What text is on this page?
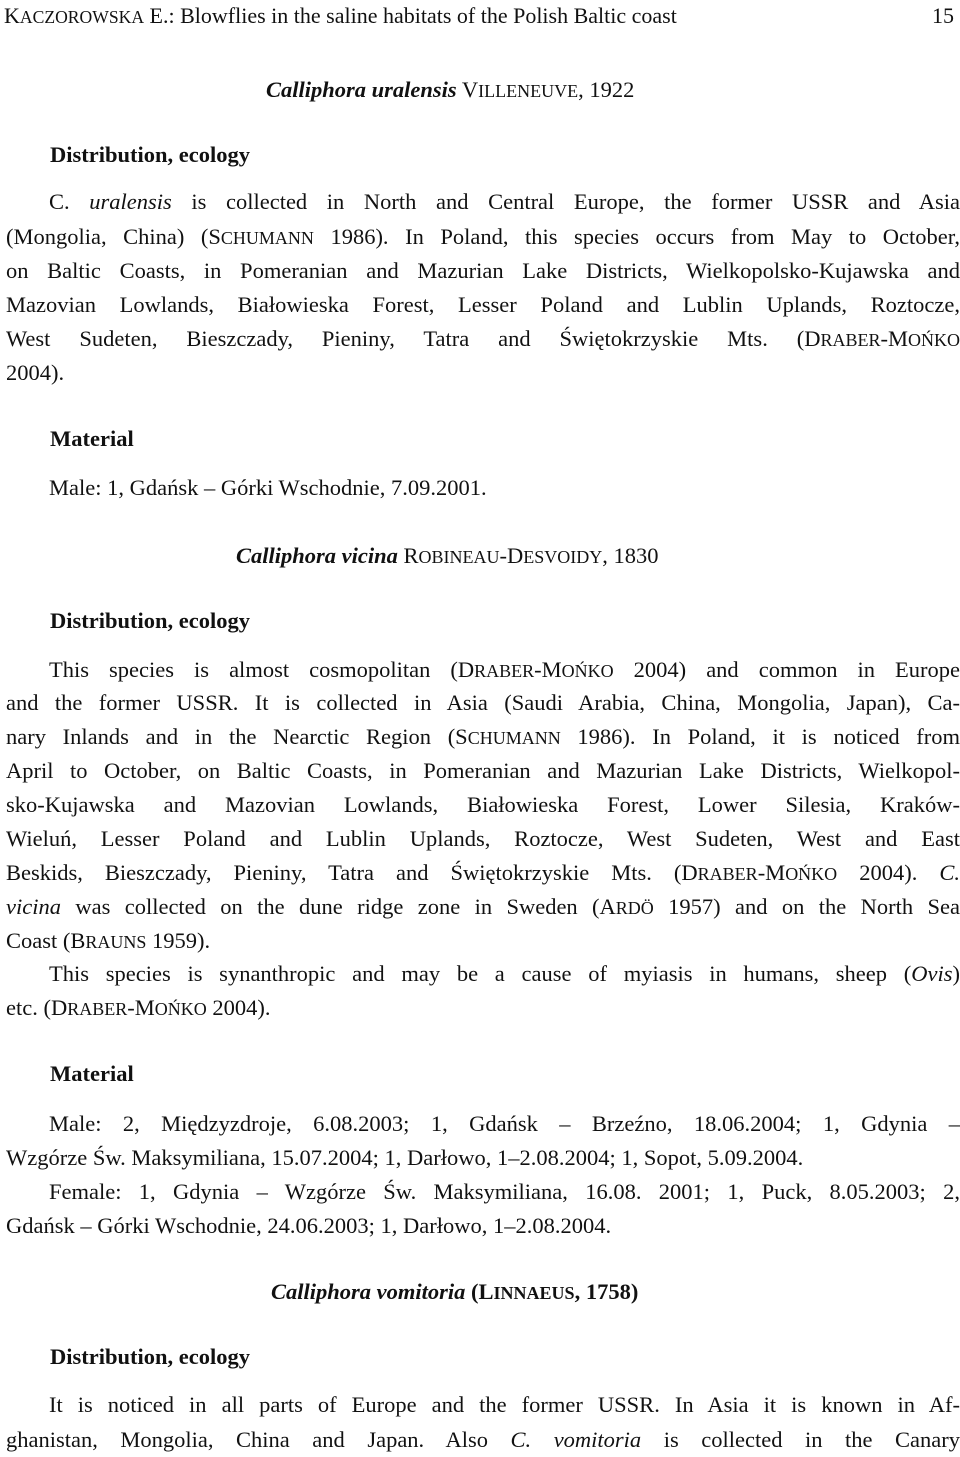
KACZOROWSKA E.: Blowflies in the saline habitats of the Polish Baltic coast	15
Calliphora uralensis VILLENEUVE, 1922
Distribution, ecology
C. uralensis is collected in North and Central Europe, the former USSR and Asia
(Mongolia, China) (SCHUMANN 1986). In Poland, this species occurs from May to October,
on Baltic Coasts, in Pomeranian and Mazurian Lake Districts, Wielkopolsko-Kujawska and
Mazovian Lowlands, Białowieska Forest, Lesser Poland and Lublin Uplands, Roztocze,
West Sudeten, Bieszczady, Pieniny, Tatra and Świętokrzyskie Mts. (DRABER-MOŃKO
2004).
Material
Male: 1, Gdańsk – Górki Wschodnie, 7.09.2001.
Calliphora vicina ROBINEAU-DESVOIDY, 1830
Distribution, ecology
This species is almost cosmopolitan (DRABER-MOŃKO 2004) and common in Europe
and the former USSR. It is collected in Asia (Saudi Arabia, China, Mongolia, Japan), Ca-
nary Inlands and in the Nearctic Region (SCHUMANN 1986). In Poland, it is noticed from
April to October, on Baltic Coasts, in Pomeranian and Mazurian Lake Districts, Wielkopol-
sko-Kujawska and Mazovian Lowlands, Białowieska Forest, Lower Silesia, Kraków-
Wieluń, Lesser Poland and Lublin Uplands, Roztocze, West Sudeten, West and East
Beskids, Bieszczady, Pieniny, Tatra and Świętokrzyskie Mts. (DRABER-MOŃKO 2004). C.
vicina was collected on the dune ridge zone in Sweden (ARDÖ 1957) and on the North Sea
Coast (BRAUNS 1959).
This species is synanthropic and may be a cause of myiasis in humans, sheep (Ovis)
etc. (DRABER-MOŃKO 2004).
Material
Male: 2, Międzyzdroje, 6.08.2003; 1, Gdańsk – Brzeźno, 18.06.2004; 1, Gdynia –
Wzgórze Św. Maksymiliana, 15.07.2004; 1, Darłowo, 1–2.08.2004; 1, Sopot, 5.09.2004.
Female: 1, Gdynia – Wzgórze Św. Maksymiliana, 16.08. 2001; 1, Puck, 8.05.2003; 2,
Gdańsk – Górki Wschodnie, 24.06.2003; 1, Darłowo, 1–2.08.2004.
Calliphora vomitoria (LINNAEUS, 1758)
Distribution, ecology
It is noticed in all parts of Europe and the former USSR. In Asia it is known in Af-
ghanistan, Mongolia, China and Japan. Also C. vomitoria is collected in the Canary
